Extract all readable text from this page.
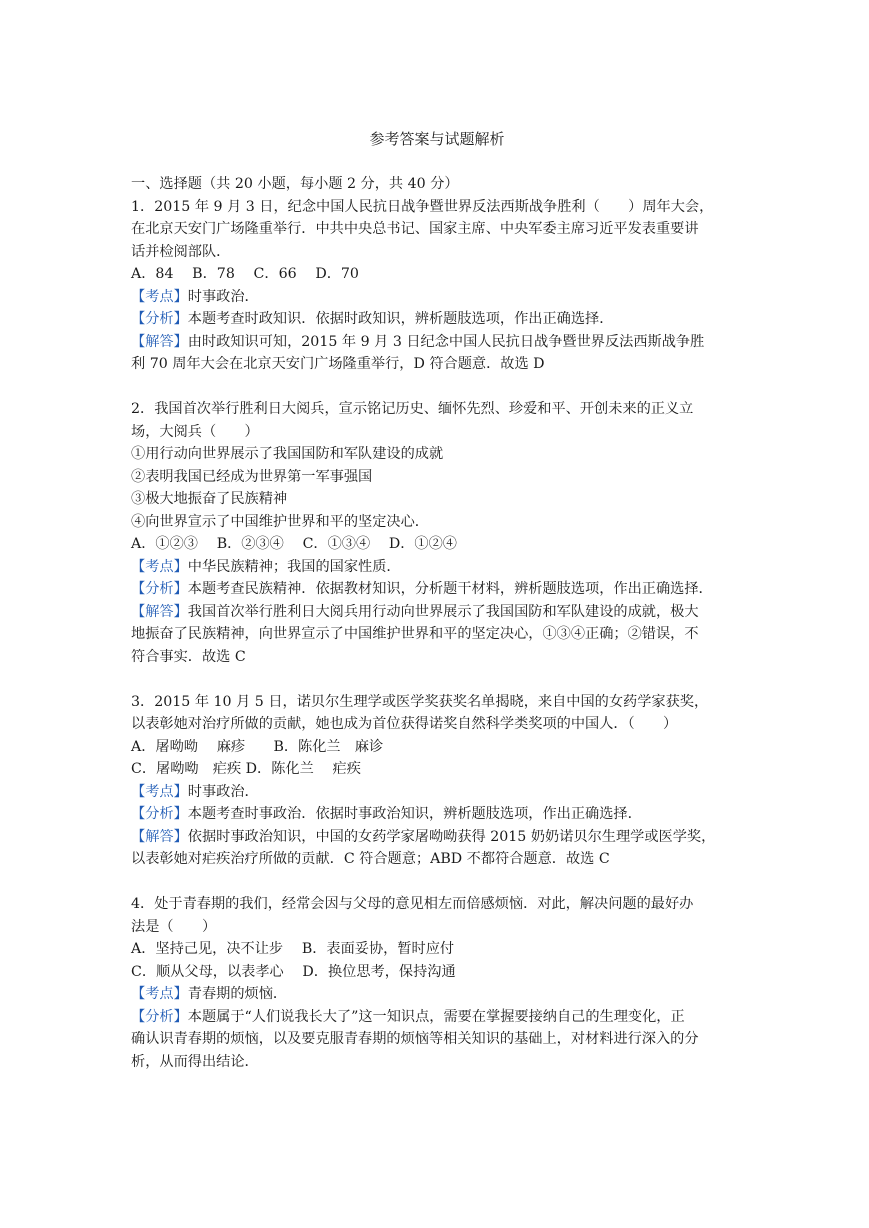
参考答案与试题解析
一、选择题（共 20 小题，每小题 2 分，共 40 分）
1．2015 年 9 月 3 日，纪念中国人民抗日战争暨世界反法西斯战争胜利（　　）周年大会，
在北京天安门广场隆重举行．中共中央总书记、国家主席、中央军委主席习近平发表重要讲
话并检阅部队．
A．84　 B．78　 C．66　 D．70
【考点】时事政治．
【分析】本题考查时政知识．依据时政知识，辨析题肢选项，作出正确选择．
【解答】由时政知识可知，2015 年 9 月 3 日纪念中国人民抗日战争暨世界反法西斯战争胜
利 70 周年大会在北京天安门广场隆重举行，D 符合题意．故选 D
2．我国首次举行胜利日大阅兵，宣示铭记历史、缅怀先烈、珍爱和平、开创未来的正义立
场，大阅兵（　　）
①用行动向世界展示了我国国防和军队建设的成就
②表明我国已经成为世界第一军事强国
③极大地振奋了民族精神
④向世界宣示了中国维护世界和平的坚定决心．
A．①②③　 B．②③④　 C．①③④　 D．①②④
【考点】中华民族精神；我国的国家性质．
【分析】本题考查民族精神．依据教材知识，分析题干材料，辨析题肢选项，作出正确选择．
【解答】我国首次举行胜利日大阅兵用行动向世界展示了我国国防和军队建设的成就，极大
地振奋了民族精神，向世界宣示了中国维护世界和平的坚定决心，①③④正确；②错误，不
符合事实．故选 C
3．2015 年 10 月 5 日，诺贝尔生理学或医学奖获奖名单揭晓，来自中国的女药学家获奖，
以表彰她对治疗所做的贡献，她也成为首位获得诺奖自然科学类奖项的中国人．（　　）
A．屠呦呦　 麻疹　　B．陈化兰　麻诊
C．屠呦呦　疟疾 D．陈化兰　 疟疾
【考点】时事政治．
【分析】本题考查时事政治．依据时事政治知识，辨析题肢选项，作出正确选择．
【解答】依据时事政治知识，中国的女药学家屠呦呦获得 2015 奶奶诺贝尔生理学或医学奖，
以表彰她对疟疾治疗所做的贡献．C 符合题意；ABD 不都符合题意．故选 C
4．处于青春期的我们，经常会因与父母的意见相左而倍感烦恼．对此，解决问题的最好办
法是（　　）
A．坚持己见，决不让步　 B．表面妥协，暂时应付
C．顺从父母，以表孝心　 D．换位思考，保持沟通
【考点】青春期的烦恼．
【分析】本题属于“人们说我长大了”这一知识点，需要在掌握要接纳自己的生理变化，正
确认识青春期的烦恼，以及要克服青春期的烦恼等相关知识的基础上，对材料进行深入的分
析，从而得出结论．
